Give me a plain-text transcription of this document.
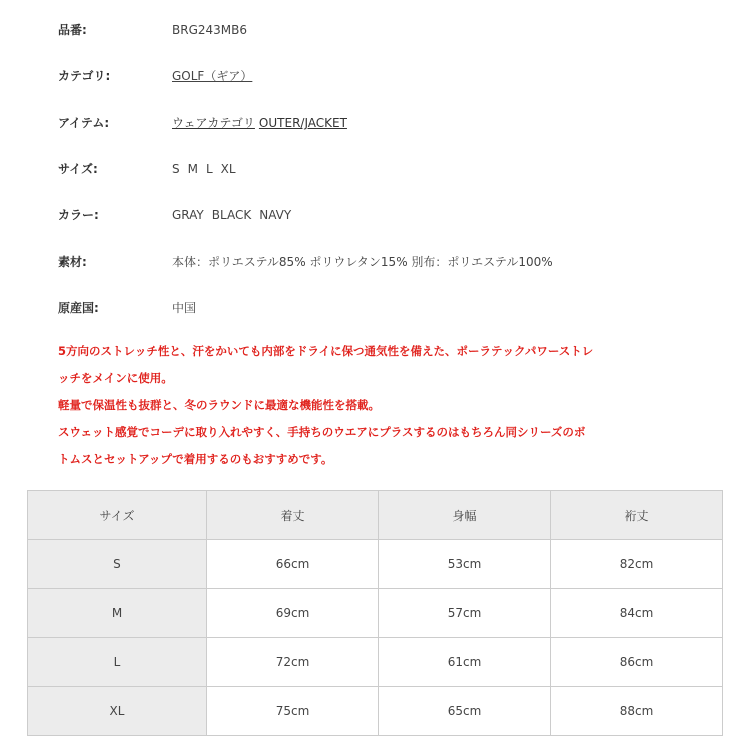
品番:	BRG243MB6
カテゴリ:	GOLF（ギア）
アイテム:	ウェアカテゴリ OUTER/JACKET
サイズ:	S M L XL
カラー:	GRAY BLACK NAVY
素材:	本体：ポリエステル85% ポリウレタン15% 別布：ポリエステル100%
原産国:	中国

5方向のストレッチ性と、汗をかいても内部をドライに保つ通気性を備えた、ポーラテックパワーストレ

ッチをメインに使用。

軽量で保温性も抜群と、冬のラウンドに最適な機能性を搭載。

スウェット感覚でコーデに取り入れやすく、手持ちのウエアにプラスするのはもちろん同シリーズのボ

トムスとセットアップで着用するのもおすすめです。

サイズ	着丈	身幅	裄丈
S	66cm	53cm	82cm
M	69cm	57cm	84cm
L	72cm	61cm	86cm
XL	75cm	65cm	88cm
